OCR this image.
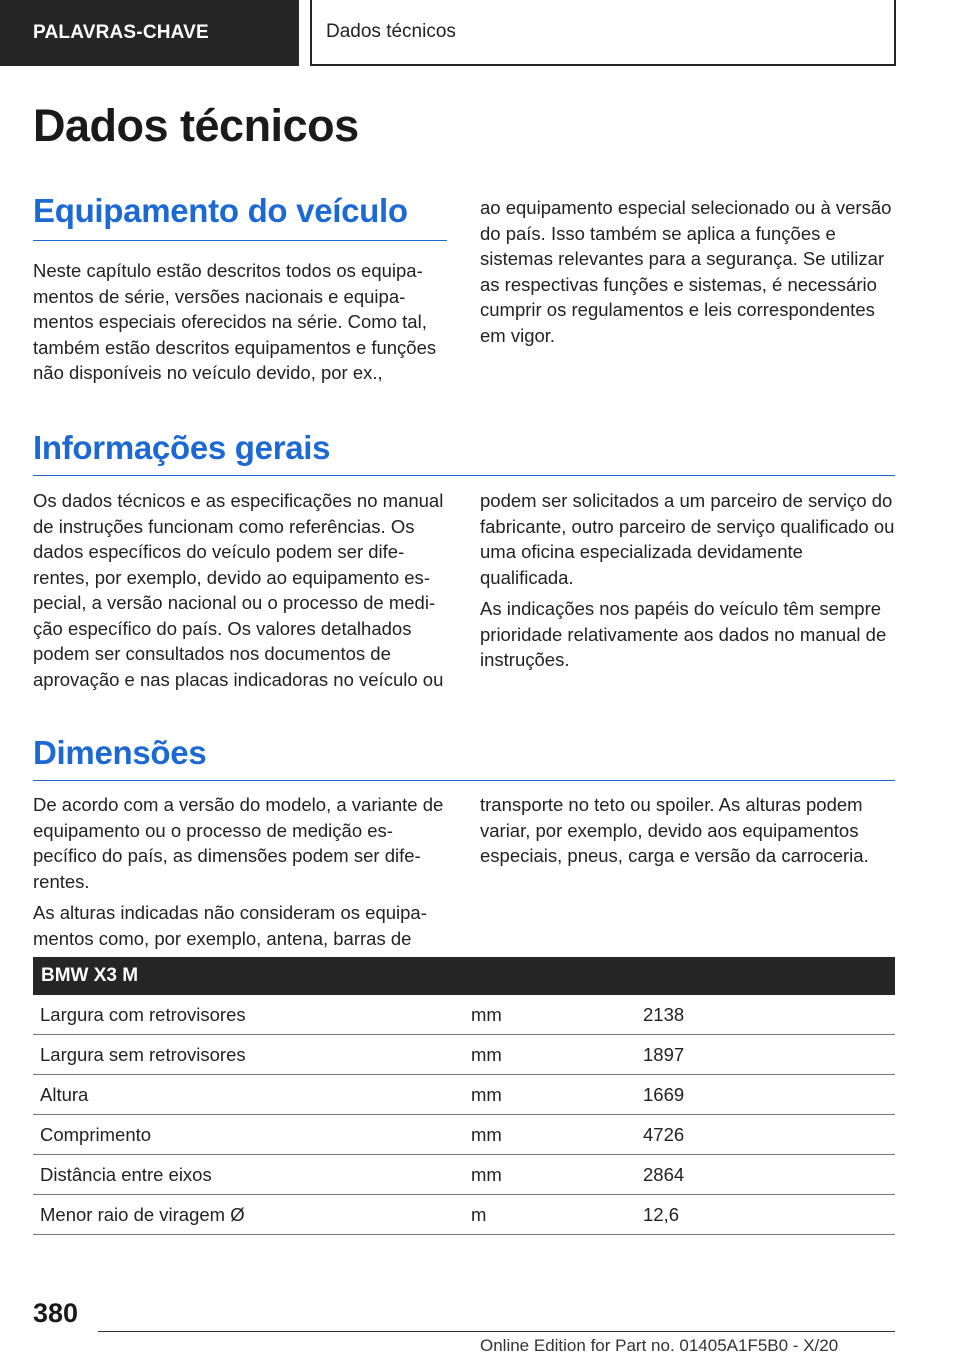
PALAVRAS-CHAVE	Dados técnicos
Dados técnicos
Equipamento do veículo

Neste capítulo estão descritos todos os equipamentos de série, versões nacionais e equipamentos especiais oferecidos na série. Como tal, também estão descritos equipamentos e funções não disponíveis no veículo devido, por ex.,

ao equipamento especial selecionado ou à versão do país. Isso também se aplica a funções e sistemas relevantes para a segurança. Se utilizar as respectivas funções e sistemas, é necessário cumprir os regulamentos e leis correspondentes em vigor.

Informações gerais

Os dados técnicos e as especificações no manual de instruções funcionam como referências. Os dados específicos do veículo podem ser diferentes, por exemplo, devido ao equipamento especial, a versão nacional ou o processo de medição específico do país. Os valores detalhados podem ser consultados nos documentos de aprovação e nas placas indicadoras no veículo ou

podem ser solicitados a um parceiro de serviço do fabricante, outro parceiro de serviço qualificado ou uma oficina especializada devidamente qualificada.

As indicações nos papéis do veículo têm sempre prioridade relativamente aos dados no manual de instruções.

Dimensões

De acordo com a versão do modelo, a variante de equipamento ou o processo de medição específico do país, as dimensões podem ser diferentes.

As alturas indicadas não consideram os equipamentos como, por exemplo, antena, barras de

transporte no teto ou spoiler. As alturas podem variar, por exemplo, devido aos equipamentos especiais, pneus, carga e versão da carroceria.

BMW X3 M
Largura com retrovisores	mm	2138
Largura sem retrovisores	mm	1897
Altura	mm	1669
Comprimento	mm	4726
Distância entre eixos	mm	2864
Menor raio de viragem Ø	m	12,6
380
Online Edition for Part no. 01405A1F5B0 - X/20
